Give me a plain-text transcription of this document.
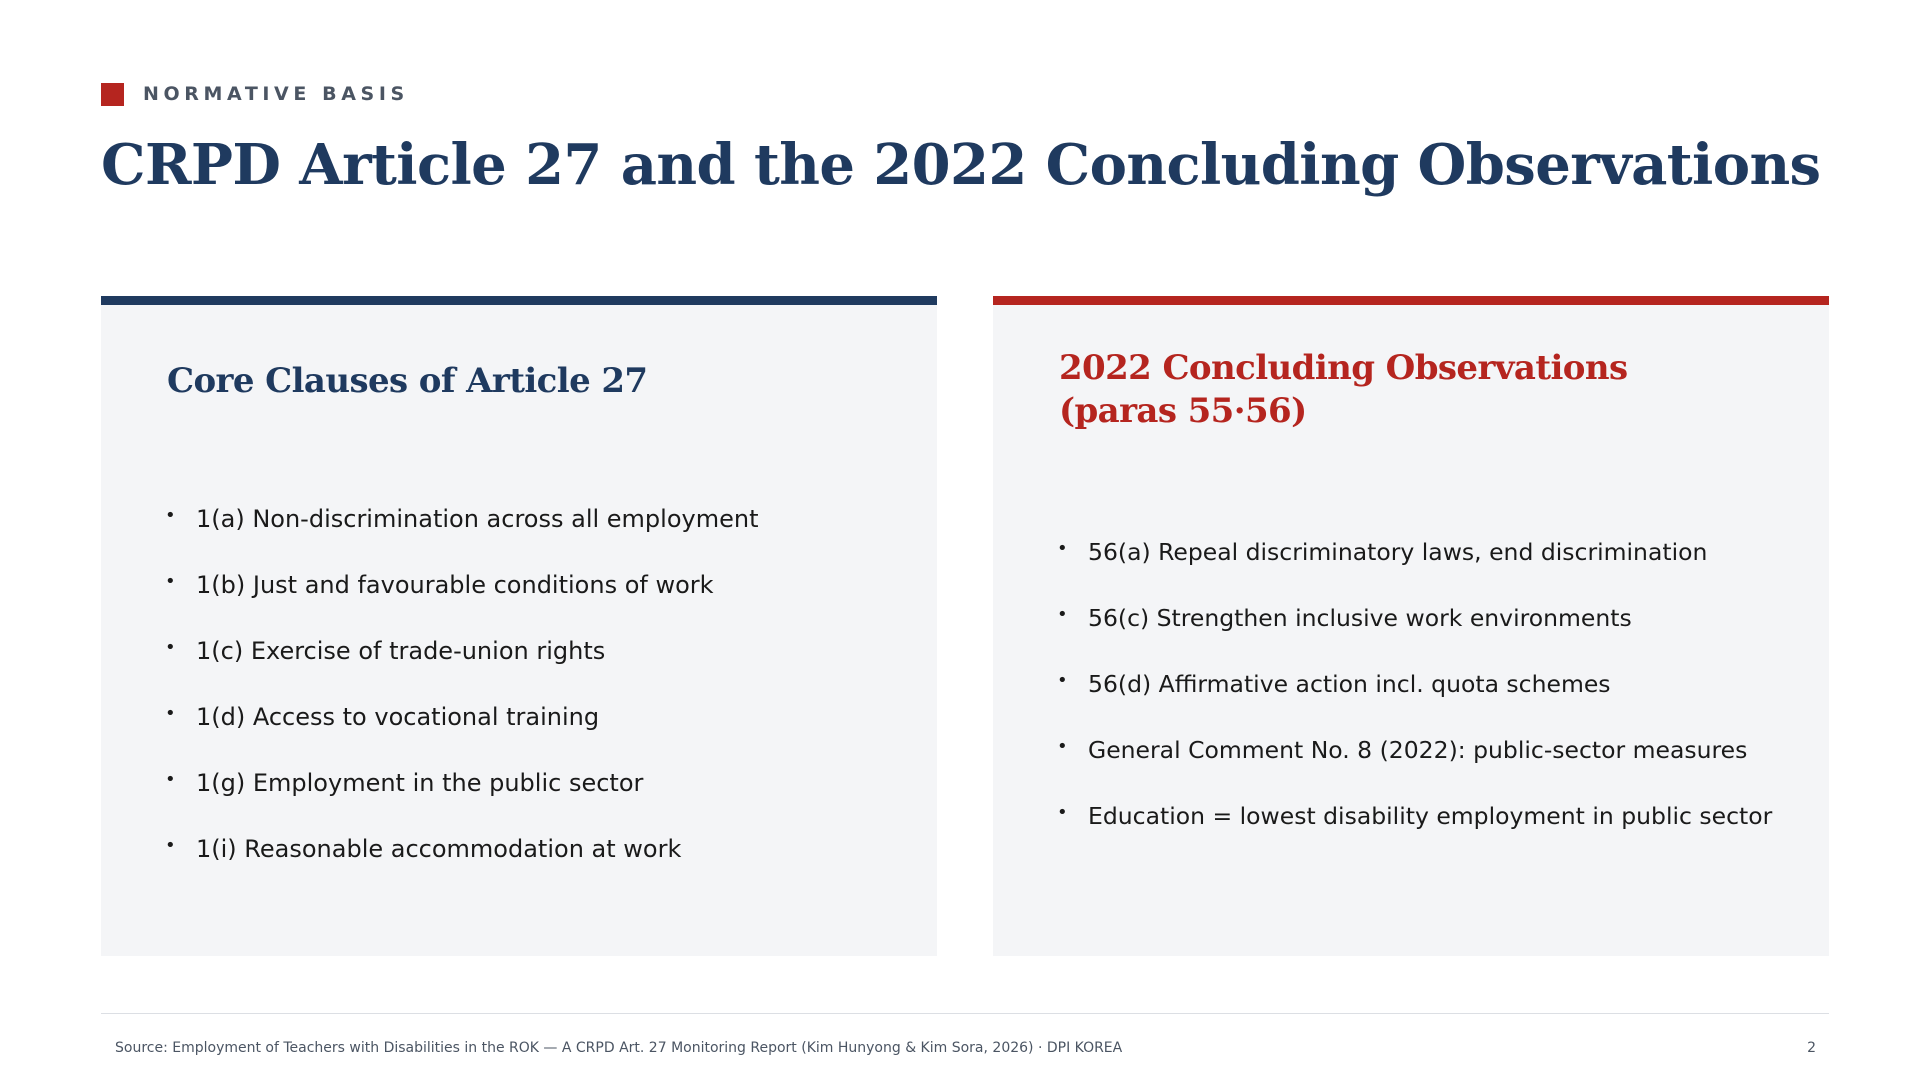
NORMATIVE BASIS
CRPD Article 27 and the 2022 Concluding Observations
Core Clauses of Article 27
• 1(a) Non-discrimination across all employment
• 1(b) Just and favourable conditions of work
• 1(c) Exercise of trade-union rights
• 1(d) Access to vocational training
• 1(g) Employment in the public sector
• 1(i) Reasonable accommodation at work
2022 Concluding Observations
(paras 55·56)
• 56(a) Repeal discriminatory laws, end discrimination
• 56(c) Strengthen inclusive work environments
• 56(d) Affirmative action incl. quota schemes
• General Comment No. 8 (2022): public-sector measures
• Education = lowest disability employment in public sector
Source: Employment of Teachers with Disabilities in the ROK — A CRPD Art. 27 Monitoring Report (Kim Hunyong & Kim Sora, 2026) · DPI KOREA	2
